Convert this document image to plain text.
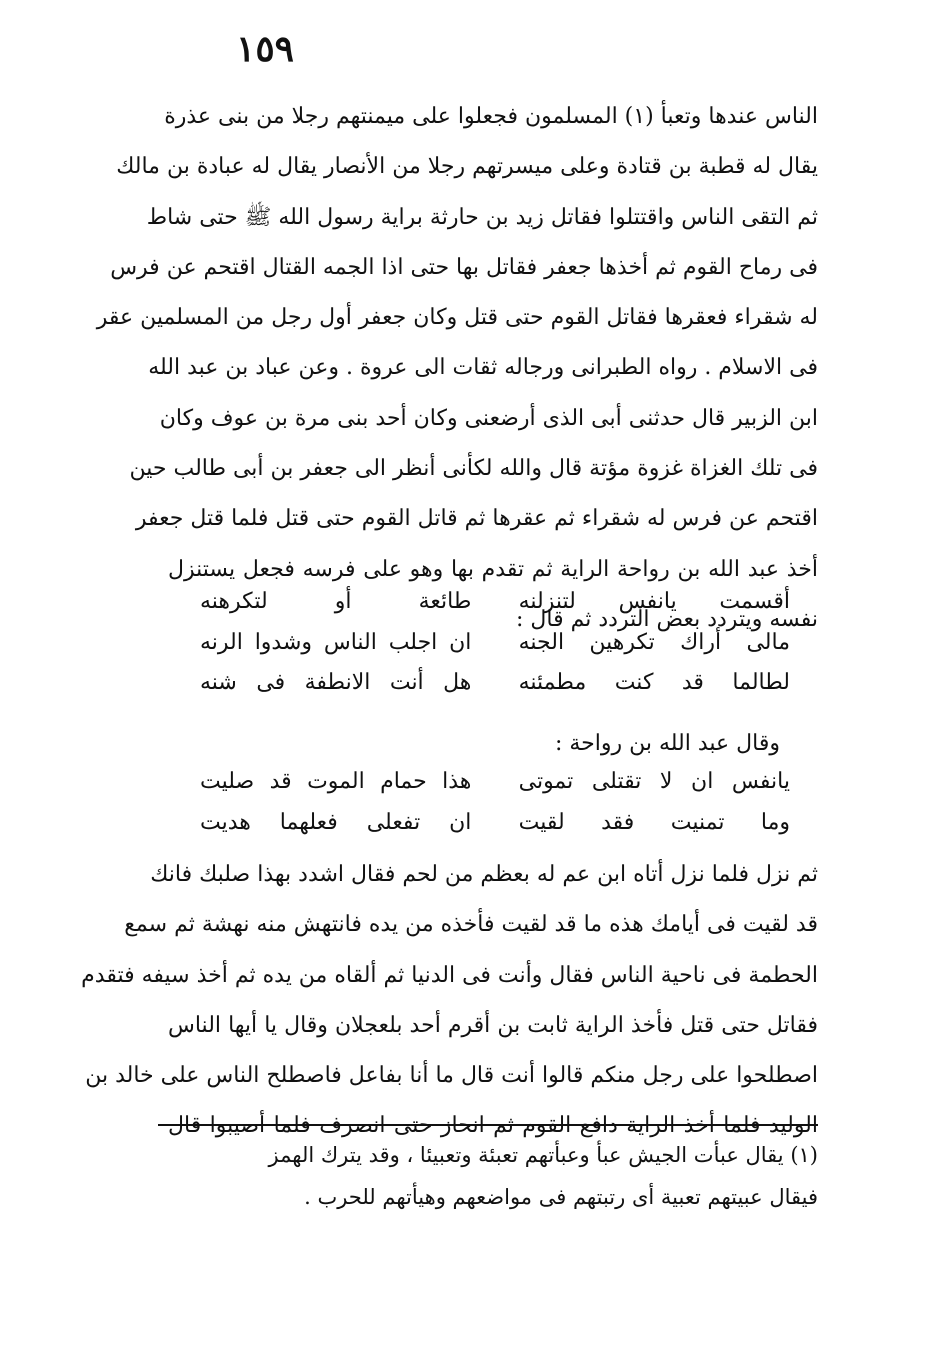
١٥٩
الناس عندها وتعبأ (١) المسلمون فجعلوا على ميمنتهم رجلا من بنى عذرة
يقال له قطبة بن قتادة وعلى ميسرتهم رجلا من الأنصار يقال له عبادة بن مالك
ثم التقى الناس واقتتلوا فقاتل زيد بن حارثة براية رسول الله ﷺ حتى شاط
فى رماح القوم ثم أخذها جعفر فقاتل بها حتى اذا الجمه القتال اقتحم عن فرس
له شقراء فعقرها فقاتل القوم حتى قتل وكان جعفر أول رجل من المسلمين عقر
فى الاسلام . رواه الطبرانى ورجاله ثقات الى عروة . وعن عباد بن عبد الله
ابن الزبير قال حدثنى أبى الذى أرضعنى وكان أحد بنى مرة بن عوف وكان
فى تلك الغزاة غزوة مؤتة قال والله لكأنى أنظر الى جعفر بن أبى طالب حين
اقتحم عن فرس له شقراء ثم عقرها ثم قاتل القوم حتى قتل فلما قتل جعفر
أخذ عبد الله بن رواحة الراية ثم تقدم بها وهو على فرسه فجعل يستنزل
نفسه ويتردد بعض التردد ثم قال :
أقسمت يانفس لتنزلنه
طائعة أو لتكرهنه
مالى أراك تكرهين الجنه
ان اجلب الناس وشدوا الرنه
لطالما قد كنت مطمئنه
هل أنت الانطفة فى شنه
وقال عبد الله بن رواحة :
يانفس ان لا تقتلى تموتى
هذا حمام الموت قد صليت
وما تمنيت فقد لقيت
ان تفعلى فعلهما هديت
ثم نزل فلما نزل أتاه ابن عم له بعظم من لحم فقال اشدد بهذا صلبك فانك
قد لقيت فى أيامك هذه ما قد لقيت فأخذه من يده فانتهش منه نهشة ثم سمع
الحطمة فى ناحية الناس فقال وأنت فى الدنيا ثم ألقاه من يده ثم أخذ سيفه فتقدم
فقاتل حتى قتل فأخذ الراية ثابت بن أقرم أحد بلعجلان وقال يا أيها الناس
اصطلحوا على رجل منكم قالوا أنت قال ما أنا بفاعل فاصطلح الناس على خالد بن
الوليد فلما أخذ الراية دافع القوم ثم انحاز حتى انصرف فلما أصيبوا قال
(١) يقال عبأت الجيش عبأ وعبأتهم تعبئة وتعبيئا ، وقد يترك الهمز
فيقال عبيتهم تعبية أى رتبتهم فى مواضعهم وهيأتهم للحرب .
